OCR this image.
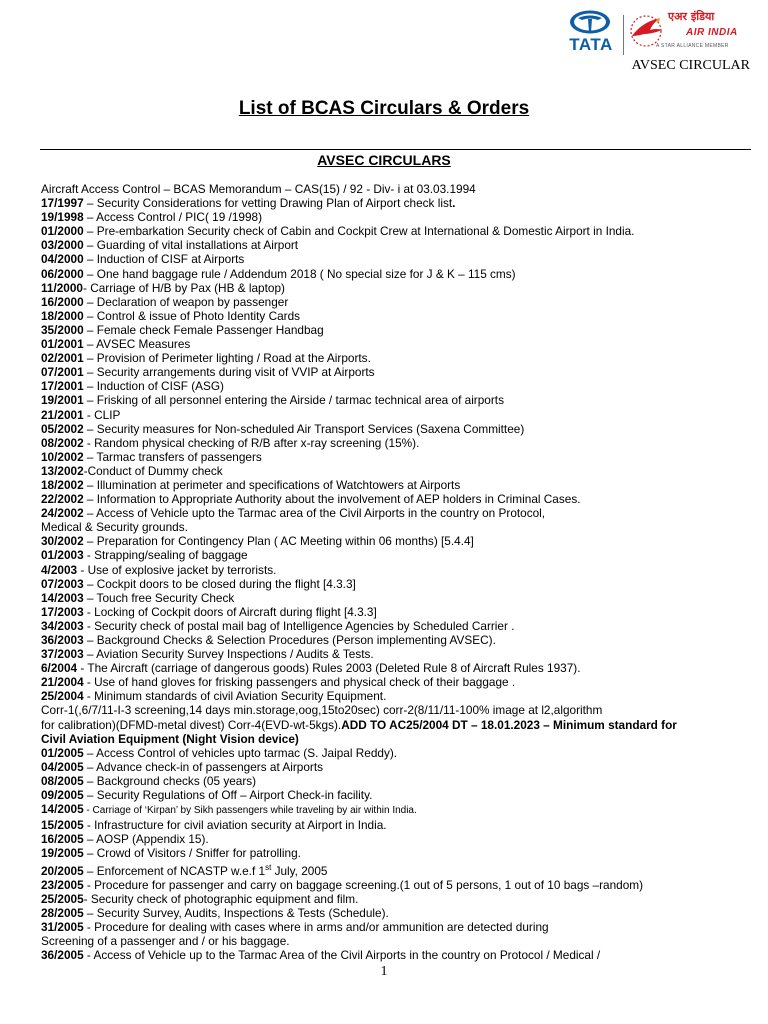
TATA
एअर इंडिया
AIR INDIA
A STAR ALLIANCE MEMBER
AVSEC CIRCULAR
List of BCAS Circulars & Orders
AVSEC CIRCULARS
Aircraft Access Control – BCAS Memorandum – CAS(15) / 92 - Div- i at 03.03.1994
17/1997 – Security Considerations for vetting Drawing Plan of Airport check list.
19/1998 – Access Control / PIC( 19 /1998)
01/2000 – Pre-embarkation Security check of Cabin and Cockpit Crew at International & Domestic Airport in India.
03/2000 – Guarding of vital installations at Airport
04/2000 – Induction of CISF at Airports
06/2000 – One hand baggage rule / Addendum 2018 ( No special size for J & K – 115 cms)
11/2000- Carriage of H/B by Pax (HB & laptop)
16/2000 – Declaration of weapon by passenger
18/2000 – Control & issue of Photo Identity Cards
35/2000 – Female check Female Passenger Handbag
01/2001 – AVSEC Measures
02/2001 – Provision of Perimeter lighting / Road at the Airports.
07/2001 – Security arrangements during visit of VVIP at Airports
17/2001 – Induction of CISF (ASG)
19/2001 – Frisking of all personnel entering the Airside / tarmac technical area of airports
21/2001 - CLIP
05/2002 – Security measures for Non-scheduled Air Transport Services (Saxena Committee)
08/2002 - Random physical checking of R/B after x-ray screening (15%).
10/2002 – Tarmac transfers of passengers
13/2002-Conduct of Dummy check
18/2002 – Illumination at perimeter and specifications of Watchtowers at Airports
22/2002 – Information to Appropriate Authority about the involvement of AEP holders in Criminal Cases.
24/2002 – Access of Vehicle upto the Tarmac area of the Civil Airports in the country on Protocol,
Medical & Security grounds.
30/2002 – Preparation for Contingency Plan ( AC Meeting within 06 months) [5.4.4]
01/2003 - Strapping/sealing of baggage
4/2003 - Use of explosive jacket by terrorists.
07/2003 – Cockpit doors to be closed during the flight [4.3.3]
14/2003 – Touch free Security Check
17/2003 - Locking of Cockpit doors of Aircraft during flight [4.3.3]
34/2003 - Security check of postal mail bag of Intelligence Agencies by Scheduled Carrier .
36/2003 – Background Checks & Selection Procedures (Person implementing AVSEC).
37/2003 – Aviation Security Survey Inspections / Audits & Tests.
6/2004 - The Aircraft (carriage of dangerous goods) Rules 2003 (Deleted Rule 8 of Aircraft Rules 1937).
21/2004 - Use of hand gloves for frisking passengers and physical check of their baggage .
25/2004 - Minimum standards of civil Aviation Security Equipment.
Corr-1(,6/7/11-I-3 screening,14 days min.storage,oog,15to20sec) corr-2(8/11/11-100% image at l2,algorithm
for calibration)(DFMD-metal divest) Corr-4(EVD-wt-5kgs).ADD TO AC25/2004 DT – 18.01.2023 – Minimum standard for
Civil Aviation Equipment (Night Vision device)
01/2005 – Access Control of vehicles upto tarmac (S. Jaipal Reddy).
04/2005 – Advance check-in of passengers at Airports
08/2005 – Background checks (05 years)
09/2005 – Security Regulations of Off – Airport Check-in facility.
14/2005 - Carriage of ‘Kirpan’ by Sikh passengers while traveling by air within India.
15/2005 - Infrastructure for civil aviation security at Airport in India.
16/2005 – AOSP (Appendix 15).
19/2005 – Crowd of Visitors / Sniffer for patrolling.
20/2005 – Enforcement of NCASTP w.e.f 1st July, 2005
23/2005 - Procedure for passenger and carry on baggage screening.(1 out of 5 persons, 1 out of 10 bags –random)
25/2005- Security check of photographic equipment and film.
28/2005 – Security Survey, Audits, Inspections & Tests (Schedule).
31/2005 - Procedure for dealing with cases where in arms and/or ammunition are detected during
Screening of a passenger and / or his baggage.
36/2005 - Access of Vehicle up to the Tarmac Area of the Civil Airports in the country on Protocol / Medical /
1
